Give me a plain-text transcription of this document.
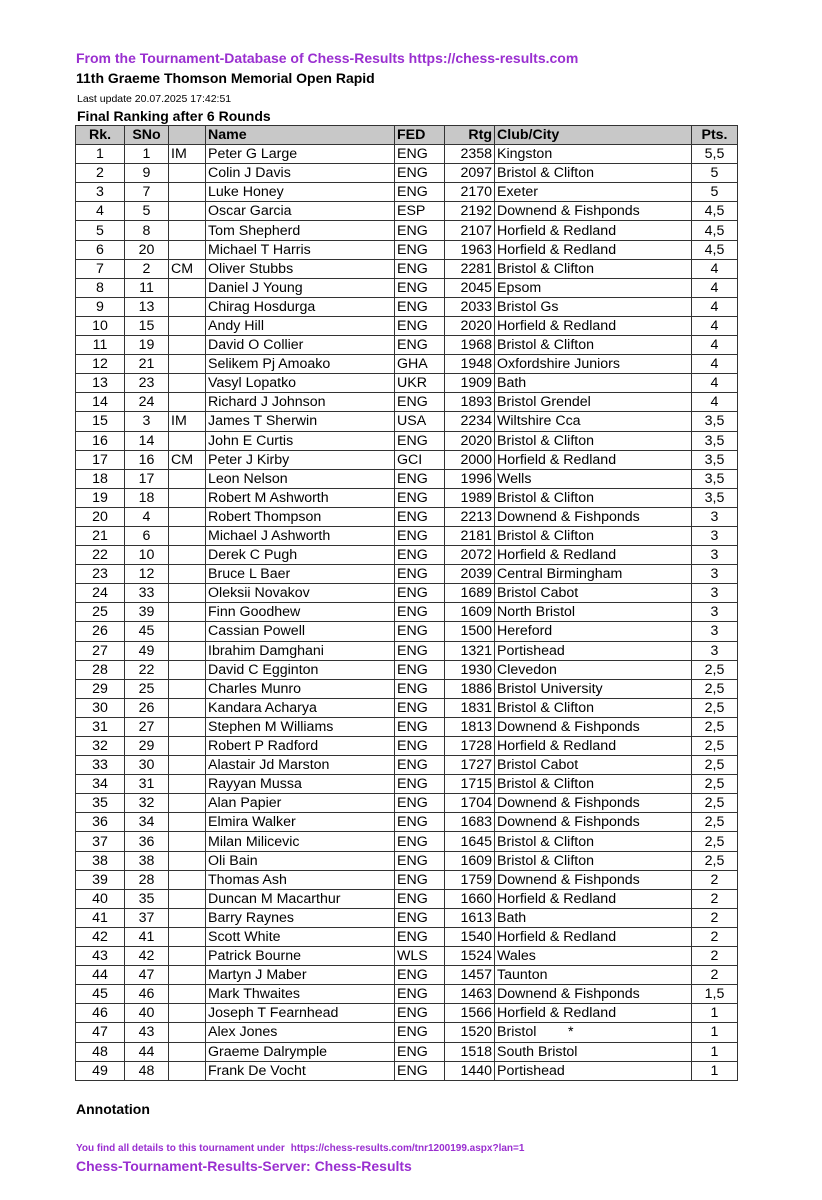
From the Tournament-Database of Chess-Results https://chess-results.com
11th Graeme Thomson Memorial Open Rapid
Last update 20.07.2025 17:42:51
Final Ranking after 6 Rounds
Rk.	SNo		Name	FED	Rtg	Club/City	Pts.
1	1	IM	Peter G Large	ENG	2358	Kingston	5,5
2	9		Colin J Davis	ENG	2097	Bristol & Clifton	5
3	7		Luke Honey	ENG	2170	Exeter	5
4	5		Oscar Garcia	ESP	2192	Downend & Fishponds	4,5
5	8		Tom Shepherd	ENG	2107	Horfield & Redland	4,5
6	20		Michael T Harris	ENG	1963	Horfield & Redland	4,5
7	2	CM	Oliver Stubbs	ENG	2281	Bristol & Clifton	4
8	11		Daniel J Young	ENG	2045	Epsom	4
9	13		Chirag Hosdurga	ENG	2033	Bristol Gs	4
10	15		Andy Hill	ENG	2020	Horfield & Redland	4
11	19		David O Collier	ENG	1968	Bristol & Clifton	4
12	21		Selikem Pj Amoako	GHA	1948	Oxfordshire Juniors	4
13	23		Vasyl Lopatko	UKR	1909	Bath	4
14	24		Richard J Johnson	ENG	1893	Bristol Grendel	4
15	3	IM	James T Sherwin	USA	2234	Wiltshire Cca	3,5
16	14		John E Curtis	ENG	2020	Bristol & Clifton	3,5
17	16	CM	Peter J Kirby	GCI	2000	Horfield & Redland	3,5
18	17		Leon Nelson	ENG	1996	Wells	3,5
19	18		Robert M Ashworth	ENG	1989	Bristol & Clifton	3,5
20	4		Robert Thompson	ENG	2213	Downend & Fishponds	3
21	6		Michael J Ashworth	ENG	2181	Bristol & Clifton	3
22	10		Derek C Pugh	ENG	2072	Horfield & Redland	3
23	12		Bruce L Baer	ENG	2039	Central Birmingham	3
24	33		Oleksii Novakov	ENG	1689	Bristol Cabot	3
25	39		Finn Goodhew	ENG	1609	North Bristol	3
26	45		Cassian Powell	ENG	1500	Hereford	3
27	49		Ibrahim Damghani	ENG	1321	Portishead	3
28	22		David C Egginton	ENG	1930	Clevedon	2,5
29	25		Charles Munro	ENG	1886	Bristol University	2,5
30	26		Kandara Acharya	ENG	1831	Bristol & Clifton	2,5
31	27		Stephen M Williams	ENG	1813	Downend & Fishponds	2,5
32	29		Robert P Radford	ENG	1728	Horfield & Redland	2,5
33	30		Alastair Jd Marston	ENG	1727	Bristol Cabot	2,5
34	31		Rayyan Mussa	ENG	1715	Bristol & Clifton	2,5
35	32		Alan Papier	ENG	1704	Downend & Fishponds	2,5
36	34		Elmira Walker	ENG	1683	Downend & Fishponds	2,5
37	36		Milan Milicevic	ENG	1645	Bristol & Clifton	2,5
38	38		Oli Bain	ENG	1609	Bristol & Clifton	2,5
39	28		Thomas Ash	ENG	1759	Downend & Fishponds	2
40	35		Duncan M Macarthur	ENG	1660	Horfield & Redland	2
41	37		Barry Raynes	ENG	1613	Bath	2
42	41		Scott White	ENG	1540	Horfield & Redland	2
43	42		Patrick Bourne	WLS	1524	Wales	2
44	47		Martyn J Maber	ENG	1457	Taunton	2
45	46		Mark Thwaites	ENG	1463	Downend & Fishponds	1,5
46	40		Joseph T Fearnhead	ENG	1566	Horfield & Redland	1
47	43		Alex Jones	ENG	1520	Bristol        *	1
48	44		Graeme Dalrymple	ENG	1518	South Bristol	1
49	48		Frank De Vocht	ENG	1440	Portishead	1
Annotation
You find all details to this tournament under https://chess-results.com/tnr1200199.aspx?lan=1
Chess-Tournament-Results-Server: Chess-Results
